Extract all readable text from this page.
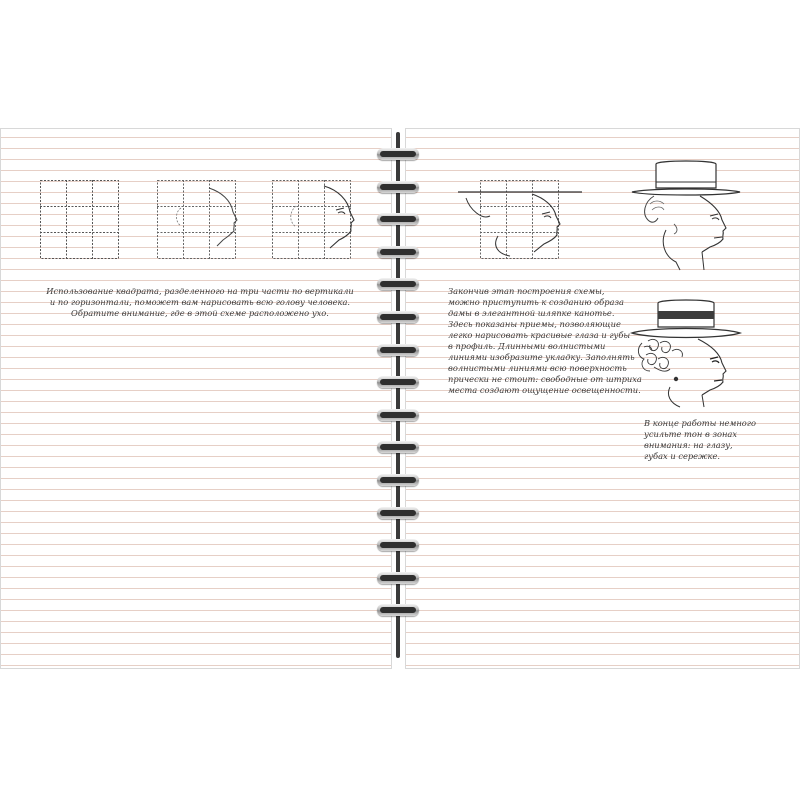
Использование квадрата, разделенного на три части по вертикали
и по горизонтали, поможет вам нарисовать всю голову человека.
Обратите внимание, где в этой схеме расположено ухо.
Закончив этап построения схемы,
можно приступить к созданию образа
дамы в элегантной шляпке канотье.
Здесь показаны приемы, позволяющие
легко нарисовать красивые глаза и губы
в профиль. Длинными волнистыми
линиями изобразите укладку. Заполнять
волнистыми линиями всю поверхность
прически не стоит: свободные от штриха
места создают ощущение освещенности.
В конце работы немного
усильте тон в зонах
внимания: на глазу,
губах и сережке.
